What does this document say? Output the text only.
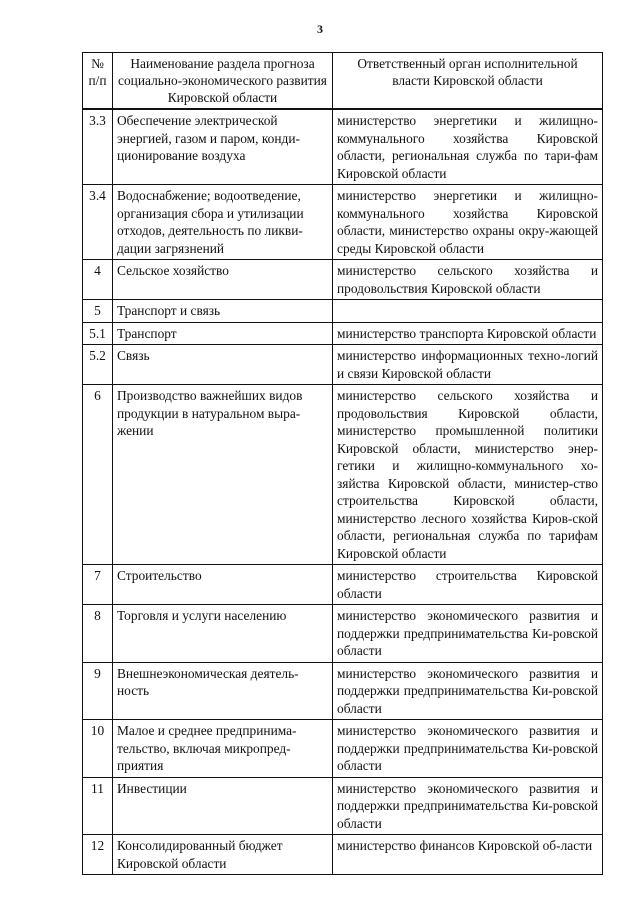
3
№ п/п	Наименование раздела прогноза социально-экономического развития Кировской области	Ответственный орган исполнительной власти Кировской области
3.3	Обеспечение электрической энергией, газом и паром, конди-ционирование воздуха	министерство энергетики и жилищно-коммунального хозяйства Кировской области, региональная служба по тари-фам Кировской области
3.4	Водоснабжение; водоотведение, организация сбора и утилизации отходов, деятельность по ликви-дации загрязнений	министерство энергетики и жилищно-коммунального хозяйства Кировской области, министерство охраны окру-жающей среды Кировской области
4	Сельское хозяйство	министерство сельского хозяйства и продовольствия Кировской области
5	Транспорт и связь	
5.1	Транспорт	министерство транспорта Кировской области
5.2	Связь	министерство информационных техно-логий и связи Кировской области
6	Производство важнейших видов продукции в натуральном выра-жении	министерство сельского хозяйства и продовольствия Кировской области, министерство промышленной политики Кировской области, министерство энер-гетики и жилищно-коммунального хо-зяйства Кировской области, министер-ство строительства Кировской области, министерство лесного хозяйства Киров-ской области, региональная служба по тарифам Кировской области
7	Строительство	министерство строительства Кировской области
8	Торговля и услуги населению	министерство экономического развития и поддержки предпринимательства Ки-ровской области
9	Внешнеэкономическая деятель-ность	министерство экономического развития и поддержки предпринимательства Ки-ровской области
10	Малое и среднее предпринима-тельство, включая микропред-приятия	министерство экономического развития и поддержки предпринимательства Ки-ровской области
11	Инвестиции	министерство экономического развития и поддержки предпринимательства Ки-ровской области
12	Консолидированный бюджет Кировской области	министерство финансов Кировской об-ласти
